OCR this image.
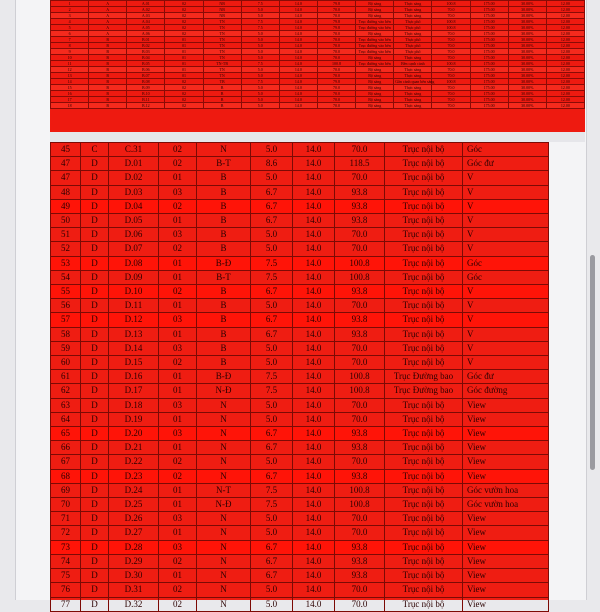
1	A	A.01	02	NB	7.5	14.0	79.8	Bộ sàng	Thực sàng	100.8	175.00	30.00%	12.00
2	A	A.02	02	NB	5.0	14.0	70.0	Bộ sàng	Thực sàng	70.0	175.00	30.00%	12.00
3	A	A.03	02	NB	5.0	14.0	70.0	Bộ sàng	Thực sàng	70.0	175.00	30.00%	12.00
4	A	A.04	02	TN	7.5	14.0	79.8	Trục đường vào bên	Thực phố	100.8	175.00	30.00%	12.00
5	A	A.05	02	TN	7.5	14.0	79.8	Trục đường vào bên	Thực phố	100.8	175.00	30.00%	12.00
6	A	A.06	02	TN	5.0	14.0	70.0	Bộ sàng	Thực sàng	70.0	175.00	30.00%	12.00
7	B	B.01	01	TN	5.0	14.0	70.0	Trục đường vào bên	Thực phố	70.0	175.00	30.00%	12.00
8	B	B.02	01	TN	5.0	14.0	70.0	Trục đường vào bên	Thực phố	70.0	175.00	30.00%	12.00
9	B	B.03	01	TN	5.0	14.0	70.0	Trục đường vào bên	Thực phố	70.0	175.00	30.00%	12.00
10	B	B.04	01	TN	5.0	14.0	70.0	Bộ sàng	Thực sàng	70.0	175.00	30.00%	12.00
11	B	B.05	01	TN-TB	7.5	14.0	100.8	Trục đường vào bên	Bên cạnh cảnh	100.8	175.00	30.00%	12.00
12	B	B.06	01	TN	5.0	14.0	70.0	Bộ sàng	Thực sàng	70.0	175.00	30.00%	12.00
13	B	B.07	01	TN	5.0	14.0	70.0	Bộ sàng	Thực sàng	70.0	175.00	30.00%	12.00
14	B	B.08	02	TB	7.5	14.0	79.8	Bộ sàng	Gần cảnh quan bên sàng	100.8	175.00	30.00%	12.00
15	B	B.09	02	B	5.0	14.0	70.0	Bộ sàng	Thực sàng	70.0	175.00	30.00%	12.00
16	B	B.10	02	B	5.0	14.0	70.0	Bộ sàng	Thực sàng	70.0	175.00	30.00%	12.00
17	B	B.11	02	B	5.0	14.0	70.0	Bộ sàng	Thực sàng	70.0	175.00	30.00%	12.00
18	B	B.12	02	B	5.0	14.0	70.0	Bộ sàng	Thực sàng	70.0	175.00	30.00%	12.00
45	C	C.31	02	N	5.0	14.0	70.0	Trục nội bộ	Góc
47	D	D.01	02	B-T	8.6	14.0	118.5	Trục nội bộ	Góc đư
47	D	D.02	01	B	5.0	14.0	70.0	Trục nội bộ	V
48	D	D.03	03	B	6.7	14.0	93.8	Trục nội bộ	V
49	D	D.04	02	B	6.7	14.0	93.8	Trục nội bộ	V
50	D	D.05	01	B	6.7	14.0	93.8	Trục nội bộ	V
51	D	D.06	03	B	5.0	14.0	70.0	Trục nội bộ	V
52	D	D.07	02	B	5.0	14.0	70.0	Trục nội bộ	V
53	D	D.08	01	B-Đ	7.5	14.0	100.8	Trục nội bộ	Góc
54	D	D.09	01	B-T	7.5	14.0	100.8	Trục nội bộ	Góc
55	D	D.10	02	B	6.7	14.0	93.8	Trục nội bộ	V
56	D	D.11	01	B	5.0	14.0	70.0	Trục nội bộ	V
57	D	D.12	03	B	6.7	14.0	93.8	Trục nội bộ	V
58	D	D.13	01	B	6.7	14.0	93.8	Trục nội bộ	V
59	D	D.14	03	B	5.0	14.0	70.0	Trục nội bộ	V
60	D	D.15	02	B	5.0	14.0	70.0	Trục nội bộ	V
61	D	D.16	01	B-Đ	7.5	14.0	100.8	Trục Đường bao	Góc đư
62	D	D.17	01	N-Đ	7.5	14.0	100.8	Trục Đường bao	Góc đường
63	D	D.18	03	N	5.0	14.0	70.0	Trục nội bộ	View
64	D	D.19	01	N	5.0	14.0	70.0	Trục nội bộ	View
65	D	D.20	03	N	6.7	14.0	93.8	Trục nội bộ	View
66	D	D.21	01	N	6.7	14.0	93.8	Trục nội bộ	View
67	D	D.22	02	N	5.0	14.0	70.0	Trục nội bộ	View
68	D	D.23	02	N	6.7	14.0	93.8	Trục nội bộ	View
69	D	D.24	01	N-T	7.5	14.0	100.8	Trục nội bộ	Góc vườn hoa
70	D	D.25	01	N-Đ	7.5	14.0	100.8	Trục nội bộ	Góc vườn hoa
71	D	D.26	03	N	5.0	14.0	70.0	Trục nội bộ	View
72	D	D.27	01	N	5.0	14.0	70.0	Trục nội bộ	View
73	D	D.28	03	N	6.7	14.0	93.8	Trục nội bộ	View
74	D	D.29	02	N	6.7	14.0	93.8	Trục nội bộ	View
75	D	D.30	01	N	6.7	14.0	93.8	Trục nội bộ	View
76	D	D.31	02	N	5.0	14.0	70.0	Trục nội bộ	View
77	D	D.32	02	N	5.0	14.0	70.0	Trục nội bộ	View
